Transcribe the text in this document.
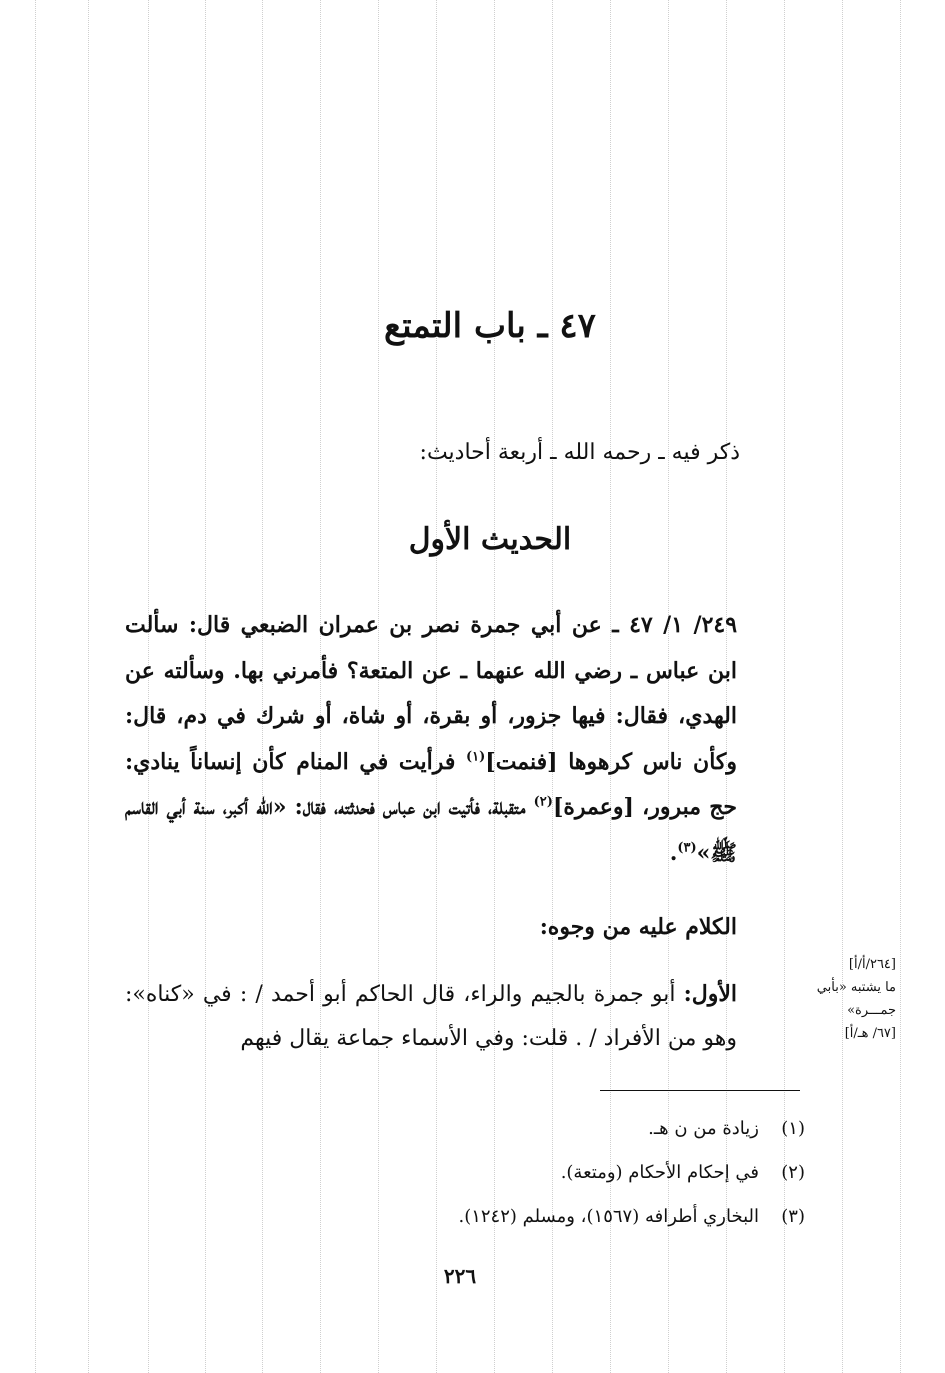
٤٧ ـ باب التمتع
ذكر فيه ـ رحمه الله ـ أربعة أحاديث:
الحديث الأول

٢٤٩/ ١/ ٤٧ ـ عن أبي جمرة نصر بن عمران الضبعي قال: سألت ابن عباس ـ رضي الله عنهما ـ عن المتعة؟ فأمرني بها. وسألته عن الهدي، فقال: فيها جزور، أو بقرة، أو شاة، أو شرك في دم، قال: وكأن ناس كرهوها [فنمت]$^{(١)}$ فرأيت في المنام كأن إنساناً ينادي: حج مبرور، [وعمرة]$^{(٢)}$ متقبلة، فأتيت ابن عباس فحدثته، فقال: «الله أكبر، سنة أبي القاسم ﷺ»$^{(٣)}$.

الكلام عليه من وجوه:

الأول: أبو جمرة بالجيم والراء، قال الحاكم أبو أحمد / : في «كناه»: وهو من الأفراد / . قلت: وفي الأسماء جماعة يقال فيهم

[٢٦٤/أ/أ]
ما يشتبه «بأبي
جمـــرة»
[٦٧/ هـ/أ]
(١)
زيادة من ن هـ.
(٢)
في إحكام الأحكام (ومتعة).
(٣)
البخاري أطرافه (١٥٦٧)، ومسلم (١٢٤٢).
٢٢٦
